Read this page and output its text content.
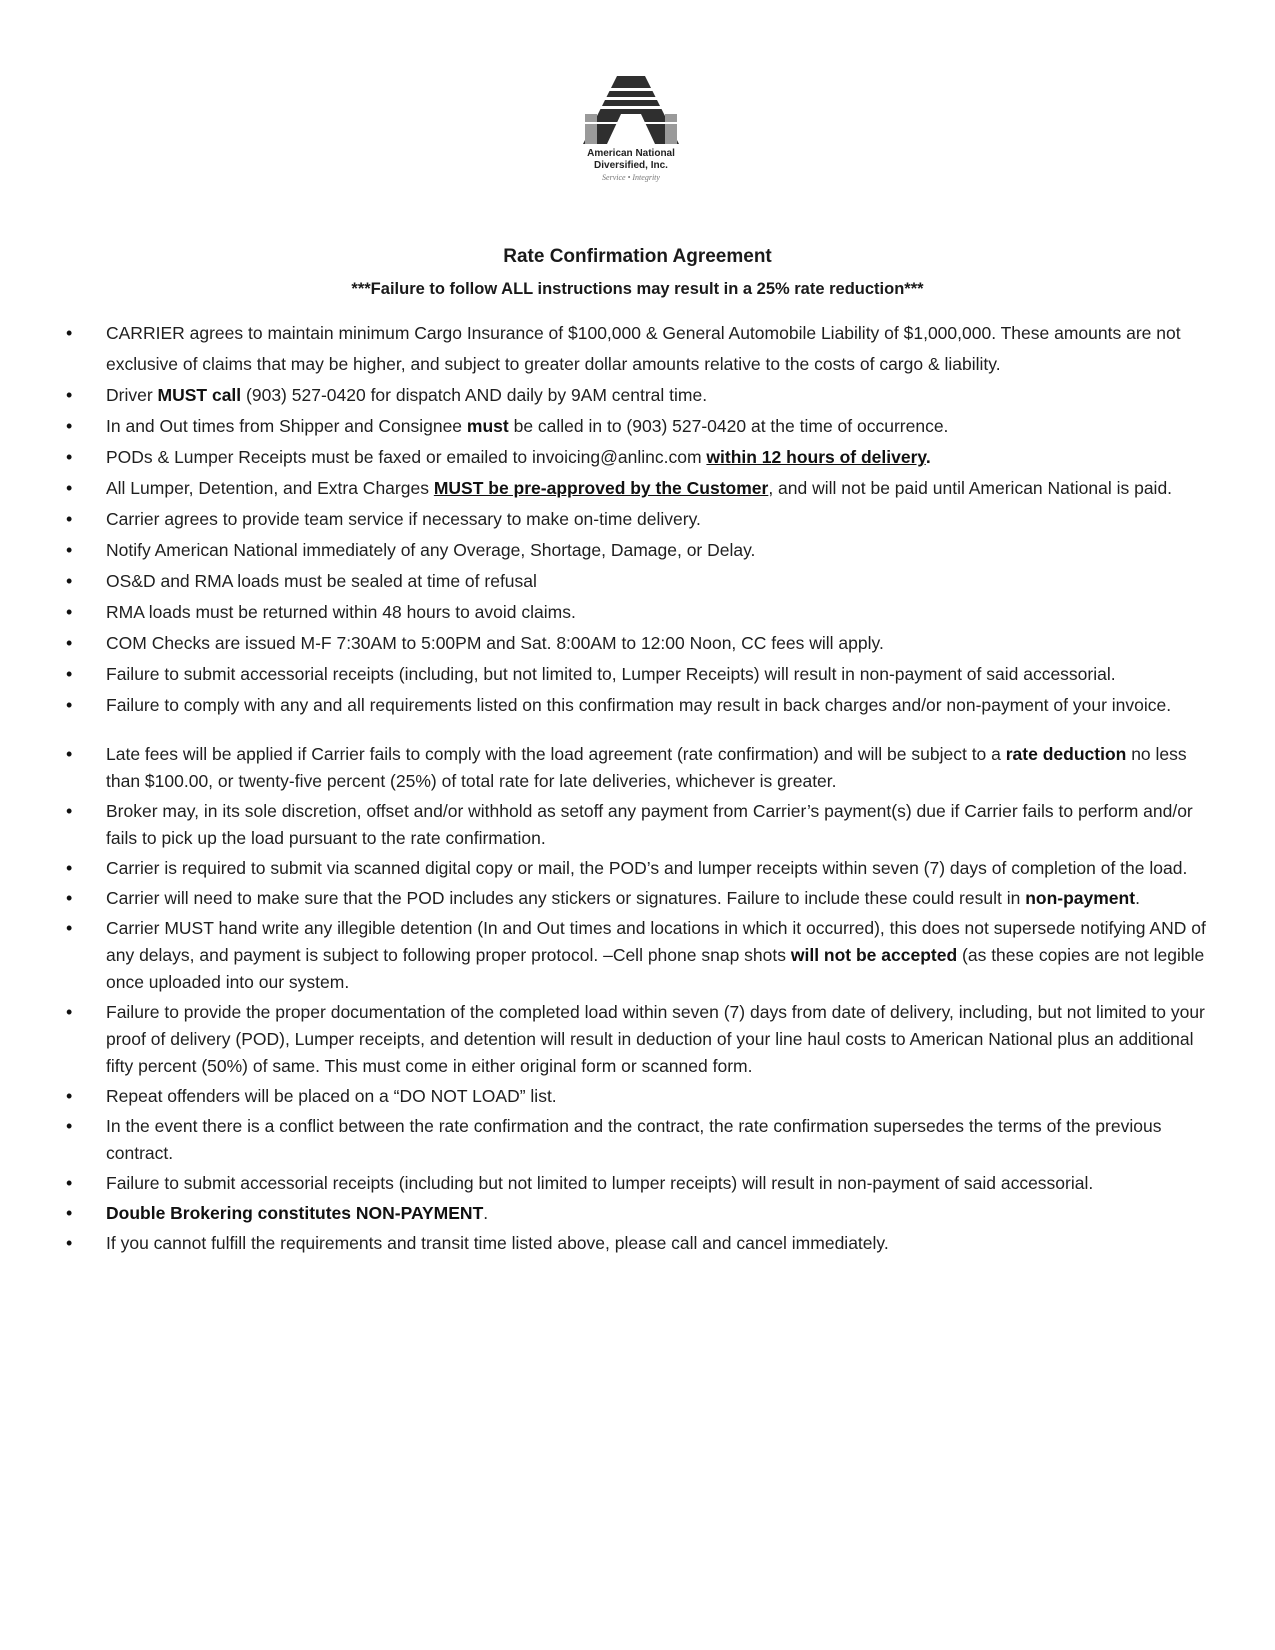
American National
Diversified, Inc.
Service • Integrity
Rate Confirmation Agreement
***Failure to follow ALL instructions may result in a 25% rate reduction***
• CARRIER agrees to maintain minimum Cargo Insurance of $100,000 & General Automobile Liability of $1,000,000. These amounts are not exclusive of claims that may be higher, and subject to greater dollar amounts relative to the costs of cargo & liability.
• Driver MUST call (903) 527-0420 for dispatch AND daily by 9AM central time.
• In and Out times from Shipper and Consignee must be called in to (903) 527-0420 at the time of occurrence.
• PODs & Lumper Receipts must be faxed or emailed to invoicing@anlinc.com within 12 hours of delivery.
• All Lumper, Detention, and Extra Charges MUST be pre-approved by the Customer, and will not be paid until American National is paid.
• Carrier agrees to provide team service if necessary to make on-time delivery.
• Notify American National immediately of any Overage, Shortage, Damage, or Delay.
• OS&D and RMA loads must be sealed at time of refusal
• RMA loads must be returned within 48 hours to avoid claims.
• COM Checks are issued M-F 7:30AM to 5:00PM and Sat. 8:00AM to 12:00 Noon, CC fees will apply.
• Failure to submit accessorial receipts (including, but not limited to, Lumper Receipts) will result in non-payment of said accessorial.
• Failure to comply with any and all requirements listed on this confirmation may result in back charges and/or non-payment of your invoice.
• Late fees will be applied if Carrier fails to comply with the load agreement (rate confirmation) and will be subject to a rate deduction no less than $100.00, or twenty-five percent (25%) of total rate for late deliveries, whichever is greater.
• Broker may, in its sole discretion, offset and/or withhold as setoff any payment from Carrier’s payment(s) due if Carrier fails to perform and/or fails to pick up the load pursuant to the rate confirmation.
• Carrier is required to submit via scanned digital copy or mail, the POD’s and lumper receipts within seven (7) days of completion of the load.
• Carrier will need to make sure that the POD includes any stickers or signatures. Failure to include these could result in non-payment.
• Carrier MUST hand write any illegible detention (In and Out times and locations in which it occurred), this does not supersede notifying AND of any delays, and payment is subject to following proper protocol. –Cell phone snap shots will not be accepted (as these copies are not legible once uploaded into our system.
• Failure to provide the proper documentation of the completed load within seven (7) days from date of delivery, including, but not limited to your proof of delivery (POD), Lumper receipts, and detention will result in deduction of your line haul costs to American National plus an additional fifty percent (50%) of same. This must come in either original form or scanned form.
• Repeat offenders will be placed on a “DO NOT LOAD” list.
• In the event there is a conflict between the rate confirmation and the contract, the rate confirmation supersedes the terms of the previous contract.
• Failure to submit accessorial receipts (including but not limited to lumper receipts) will result in non-payment of said accessorial.
• Double Brokering constitutes NON-PAYMENT.
• If you cannot fulfill the requirements and transit time listed above, please call and cancel immediately.
